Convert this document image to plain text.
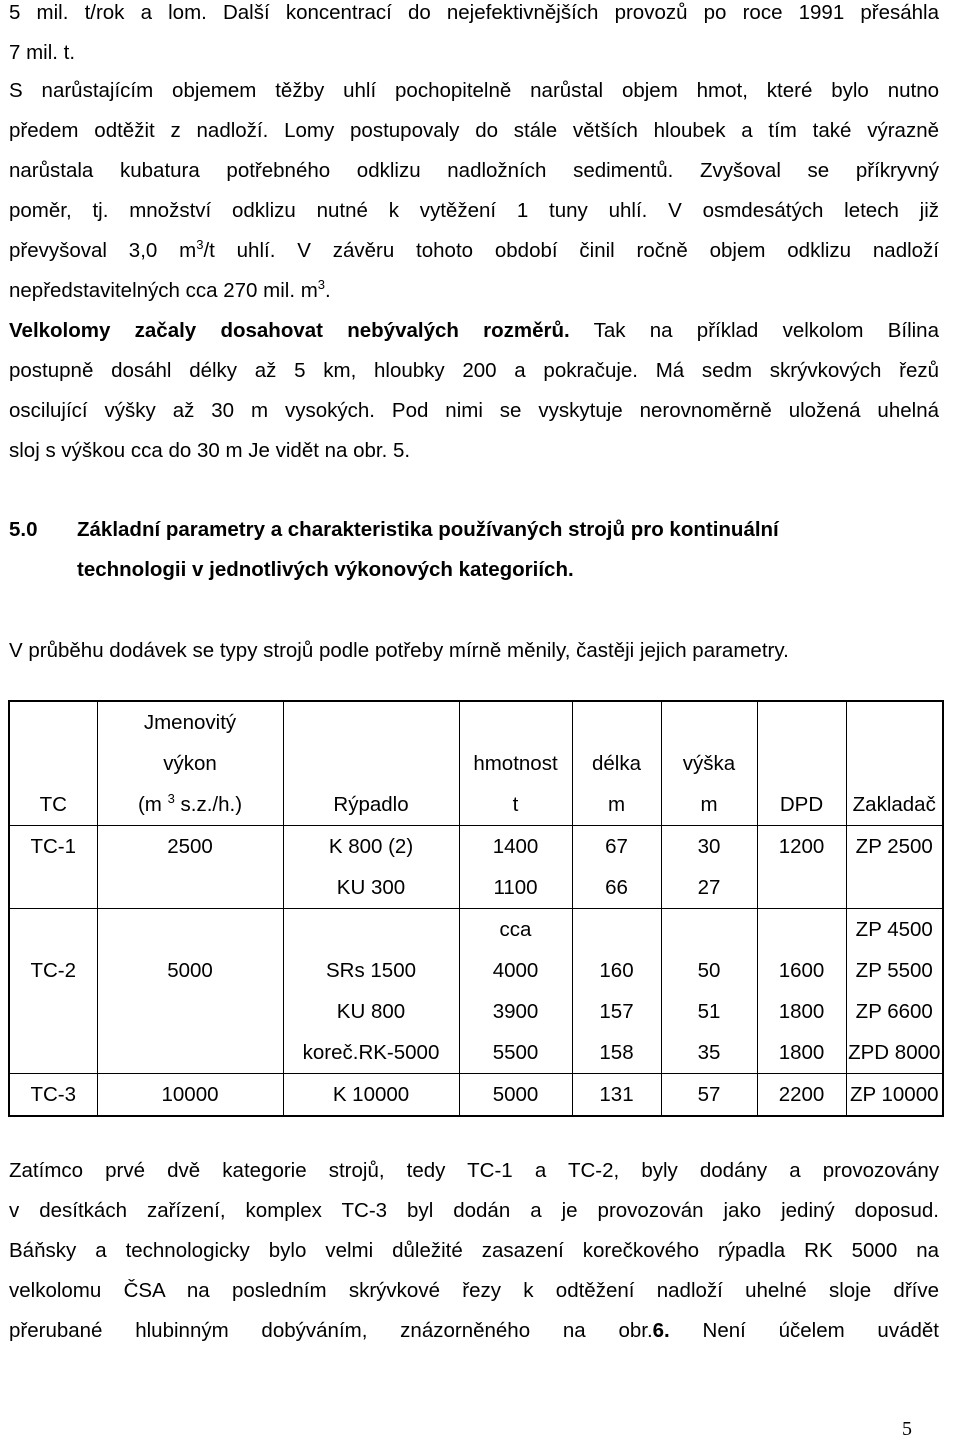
5 mil. t/rok a lom. Další koncentrací do nejefektivnějších provozů po roce 1991 přesáhla
7 mil. t.
S narůstajícím objemem těžby uhlí pochopitelně narůstal objem hmot, které bylo nutno
předem odtěžit z nadloží. Lomy postupovaly do stále větších hloubek a tím také výrazně
narůstala kubatura potřebného odklizu nadložních sedimentů. Zvyšoval se příkryvný
poměr, tj. množství odklizu nutné k vytěžení 1 tuny uhlí. V osmdesátých letech již
převyšoval 3,0 $m^3/t$ uhlí. V závěru tohoto období činil ročně objem odklizu nadloží
nepředstavitelných cca 270 mil. $m^3$.
Velkolomy začaly dosahovat nebývalých rozměrů. Tak na příklad velkolom Bílina
postupně dosáhl délky až 5 km, hloubky 200 a pokračuje. Má sedm skrývkových řezů
oscilující výšky až 30 m vysokých. Pod nimi se vyskytuje nerovnoměrně uložená uhelná
sloj s výškou cca do 30 m Je vidět na obr. 5.
5.0 Základní parametry a charakteristika používaných strojů pro kontinuální
technologii v jednotlivých výkonových kategoriích.
V průběhu dodávek se typy strojů podle potřeby mírně měnily, častěji jejich parametry.
	Jmenovitý						
	výkon		hmotnost	délka	výška		
TC	(m $^3$ s.z./h.)	Rýpadlo	t	m	m	DPD	Zakladač
TC-1	2500	K 800 (2)	1400	67	30	1200	ZP 2500
		KU 300	1100	66	27		
			cca				ZP 4500
TC-2	5000	SRs 1500	4000	160	50	1600	ZP 5500
		KU 800	3900	157	51	1800	ZP 6600
		koreč.RK-5000	5500	158	35	1800	ZPD 8000
TC-3	10000	K 10000	5000	131	57	2200	ZP 10000
Zatímco prvé dvě kategorie strojů, tedy TC-1 a TC-2, byly dodány a provozovány
v desítkách zařízení, komplex TC-3 byl dodán a je provozován jako jediný doposud.
Báňsky a technologicky bylo velmi důležité zasazení korečkového rýpadla RK 5000 na
velkolomu ČSA na posledním skrývkové řezy k odtěžení nadloží uhelné sloje dříve
přerubané hlubinným dobýváním, znázorněného na obr.6. Není účelem uvádět
5
